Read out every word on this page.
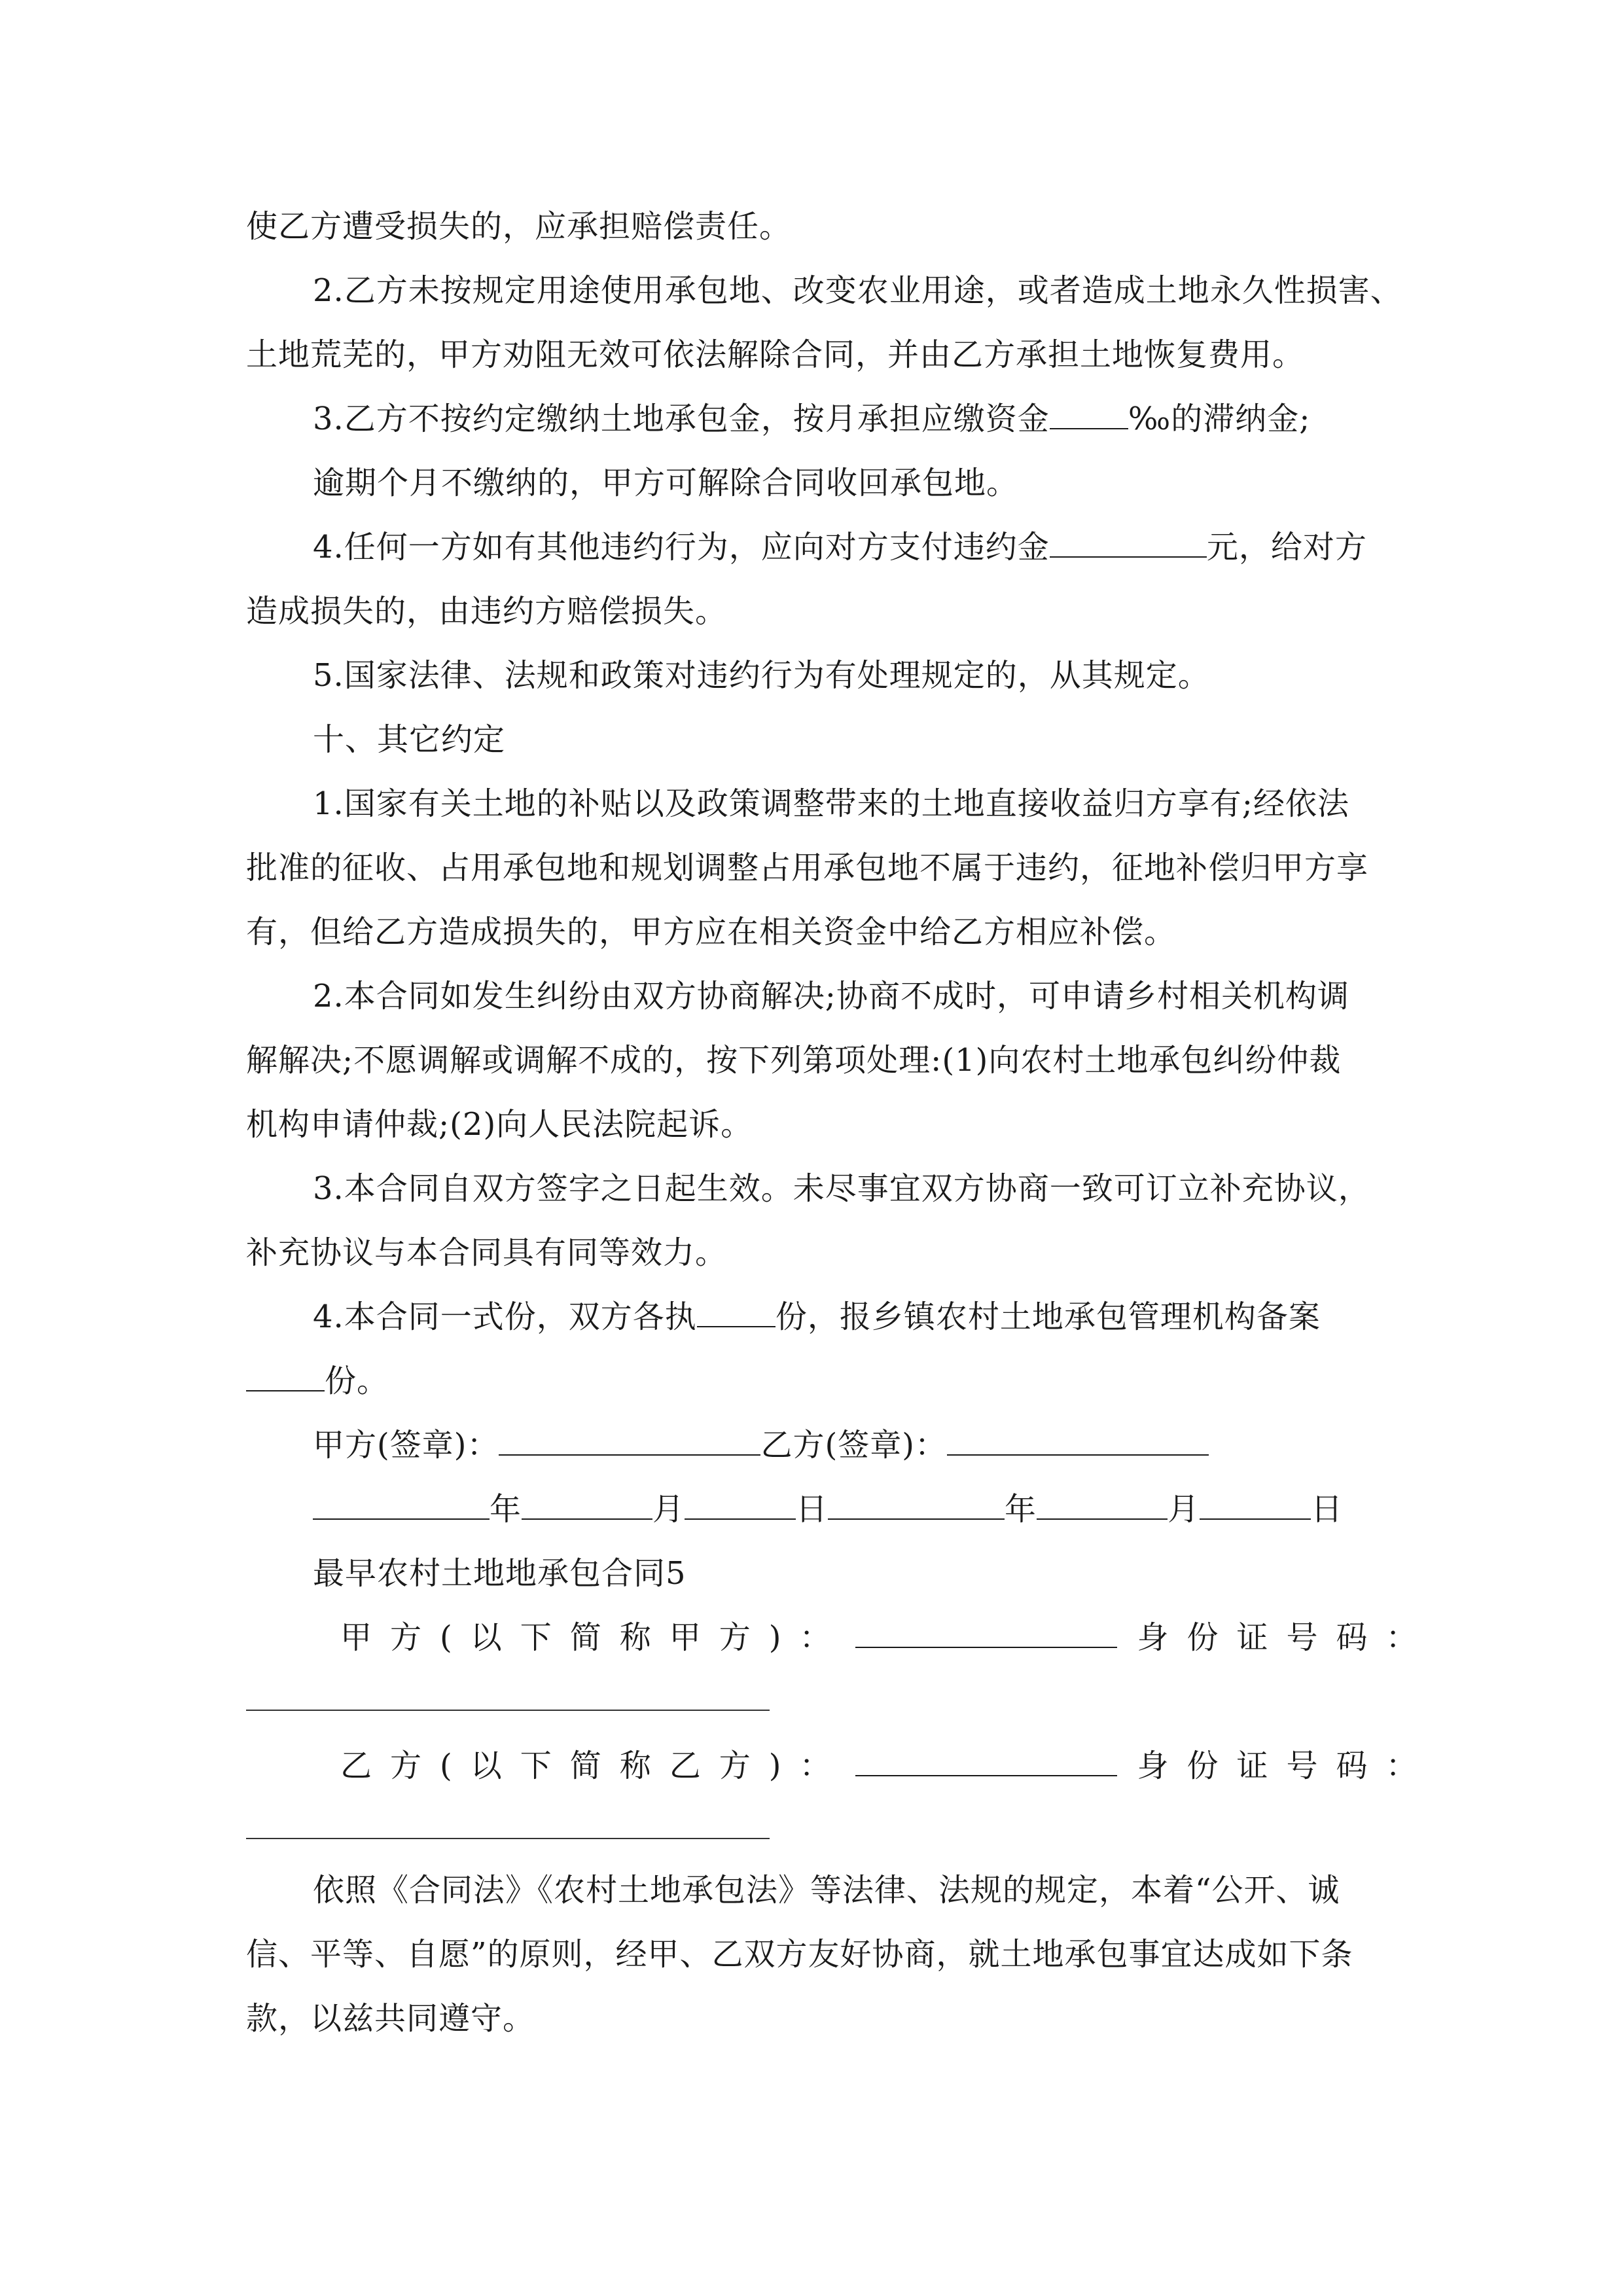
使乙方遭受损失的，应承担赔偿责任。
2.乙方未按规定用途使用承包地、改变农业用途，或者造成土地永久性损害、
土地荒芜的，甲方劝阻无效可依法解除合同，并由乙方承担土地恢复费用。
3.乙方不按约定缴纳土地承包金，按月承担应缴资金	‰的滞纳金;
逾期个月不缴纳的，甲方可解除合同收回承包地。
4.任何一方如有其他违约行为，应向对方支付违约金	元，给对方
造成损失的，由违约方赔偿损失。
5.国家法律、法规和政策对违约行为有处理规定的，从其规定。
十、其它约定
1.国家有关土地的补贴以及政策调整带来的土地直接收益归方享有;经依法
批准的征收、占用承包地和规划调整占用承包地不属于违约，征地补偿归甲方享
有，但给乙方造成损失的，甲方应在相关资金中给乙方相应补偿。
2.本合同如发生纠纷由双方协商解决;协商不成时，可申请乡村相关机构调
解解决;不愿调解或调解不成的，按下列第项处理:(1)向农村土地承包纠纷仲裁
机构申请仲裁;(2)向人民法院起诉。
3.本合同自双方签字之日起生效。未尽事宜双方协商一致可订立补充协议，
补充协议与本合同具有同等效力。
4.本合同一式份，双方各执	份，报乡镇农村土地承包管理机构备案
份。
甲方(签章)：	乙方(签章)：
年	月	日	年	月	日
最早农村土地地承包合同5
甲方(以下简称甲方)：	身份证号码：
乙方(以下简称乙方)：	身份证号码：
依照《合同法》《农村土地承包法》等法律、法规的规定，本着“公开、诚
信、平等、自愿”的原则，经甲、乙双方友好协商，就土地承包事宜达成如下条
款，以兹共同遵守。
